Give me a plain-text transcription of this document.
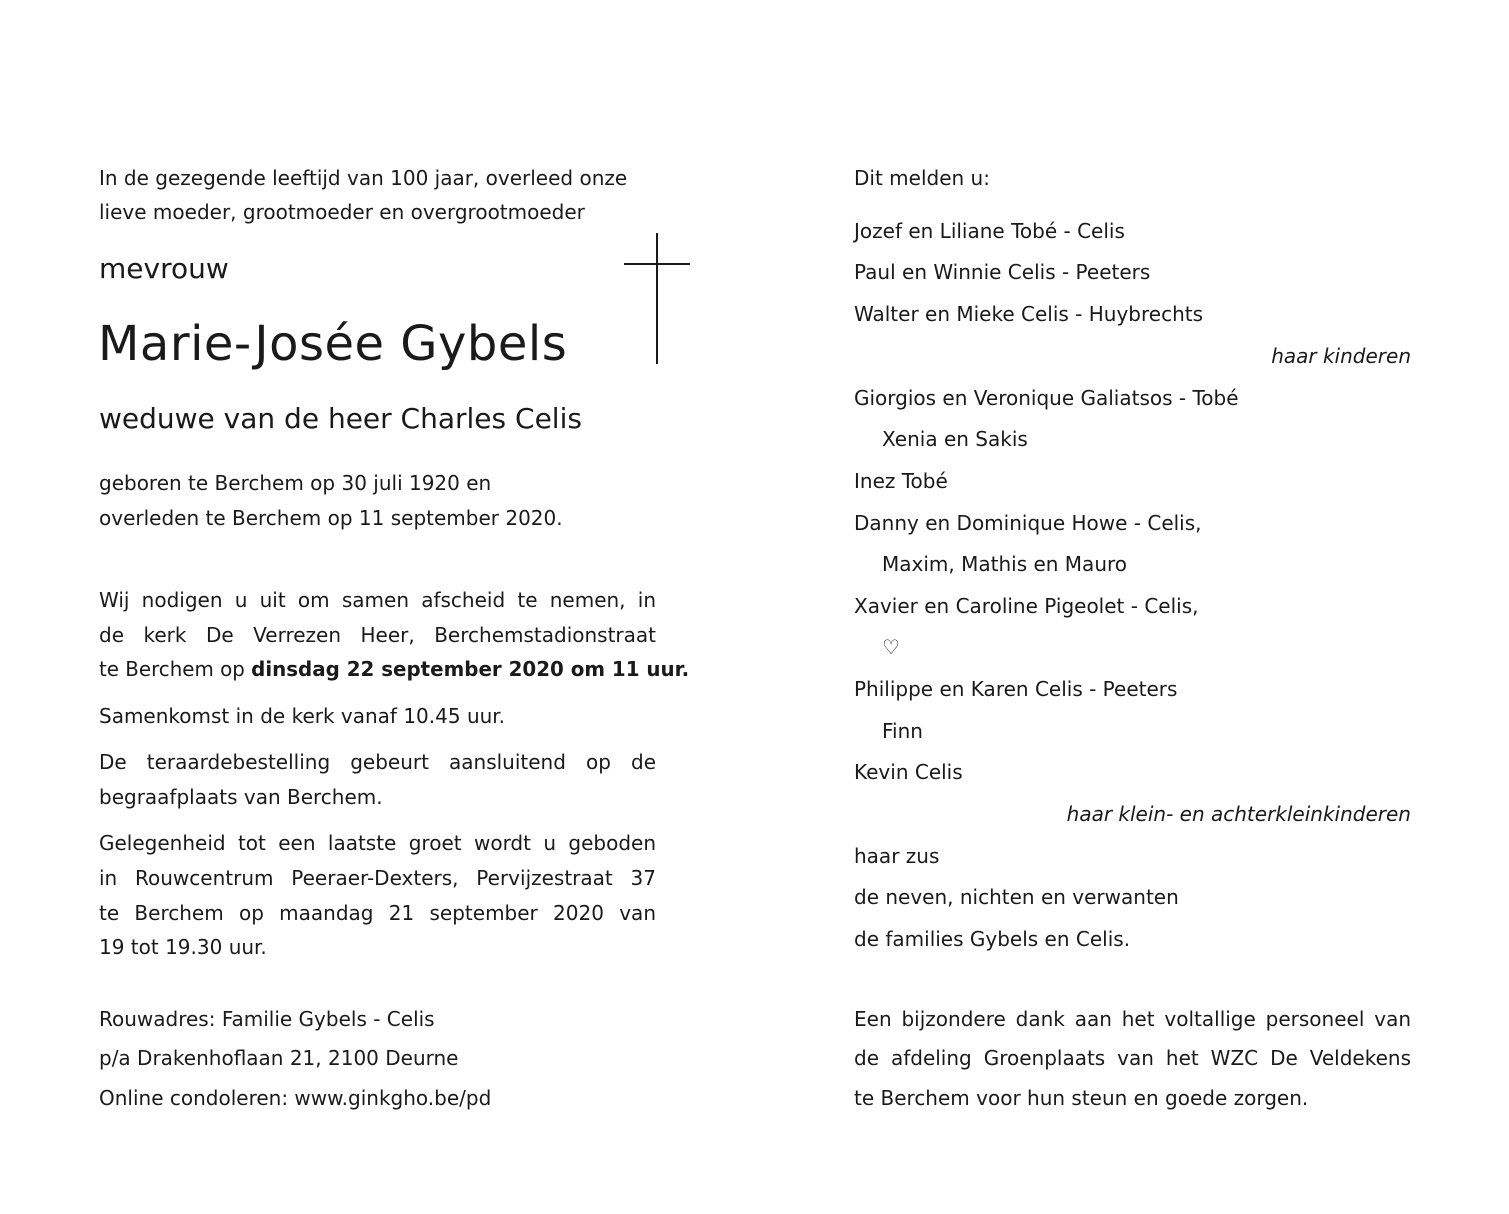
In de gezegende leeftijd van 100 jaar, overleed onze

lieve moeder, grootmoeder en overgrootmoeder

mevrouw

Marie-Josée Gybels

weduwe van de heer Charles Celis

geboren te Berchem op 30 juli 1920 en

overleden te Berchem op 11 september 2020.

Wij nodigen u uit om samen afscheid te nemen, in

de kerk De Verrezen Heer, Berchemstadionstraat

te Berchem op dinsdag 22 september 2020 om 11 uur.

Samenkomst in de kerk vanaf 10.45 uur.

De teraardebestelling gebeurt aansluitend op de

begraafplaats van Berchem.

Gelegenheid tot een laatste groet wordt u geboden

in Rouwcentrum Peeraer-Dexters, Pervijzestraat 37

te Berchem op maandag 21 september 2020 van

19 tot 19.30 uur.

Rouwadres: Familie Gybels - Celis

p/a Drakenhoflaan 21, 2100 Deurne

Online condoleren: www.ginkgho.be/pd

Dit melden u:

Jozef en Liliane Tobé - Celis

Paul en Winnie Celis - Peeters

Walter en Mieke Celis - Huybrechts

haar kinderen

Giorgios en Veronique Galiatsos - Tobé

Xenia en Sakis

Inez Tobé

Danny en Dominique Howe - Celis,

Maxim, Mathis en Mauro

Xavier en Caroline Pigeolet - Celis,

♡

Philippe en Karen Celis - Peeters

Finn

Kevin Celis

haar klein- en achterkleinkinderen

haar zus

de neven, nichten en verwanten

de families Gybels en Celis.

Een bijzondere dank aan het voltallige personeel van

de afdeling Groenplaats van het WZC De Veldekens

te Berchem voor hun steun en goede zorgen.
